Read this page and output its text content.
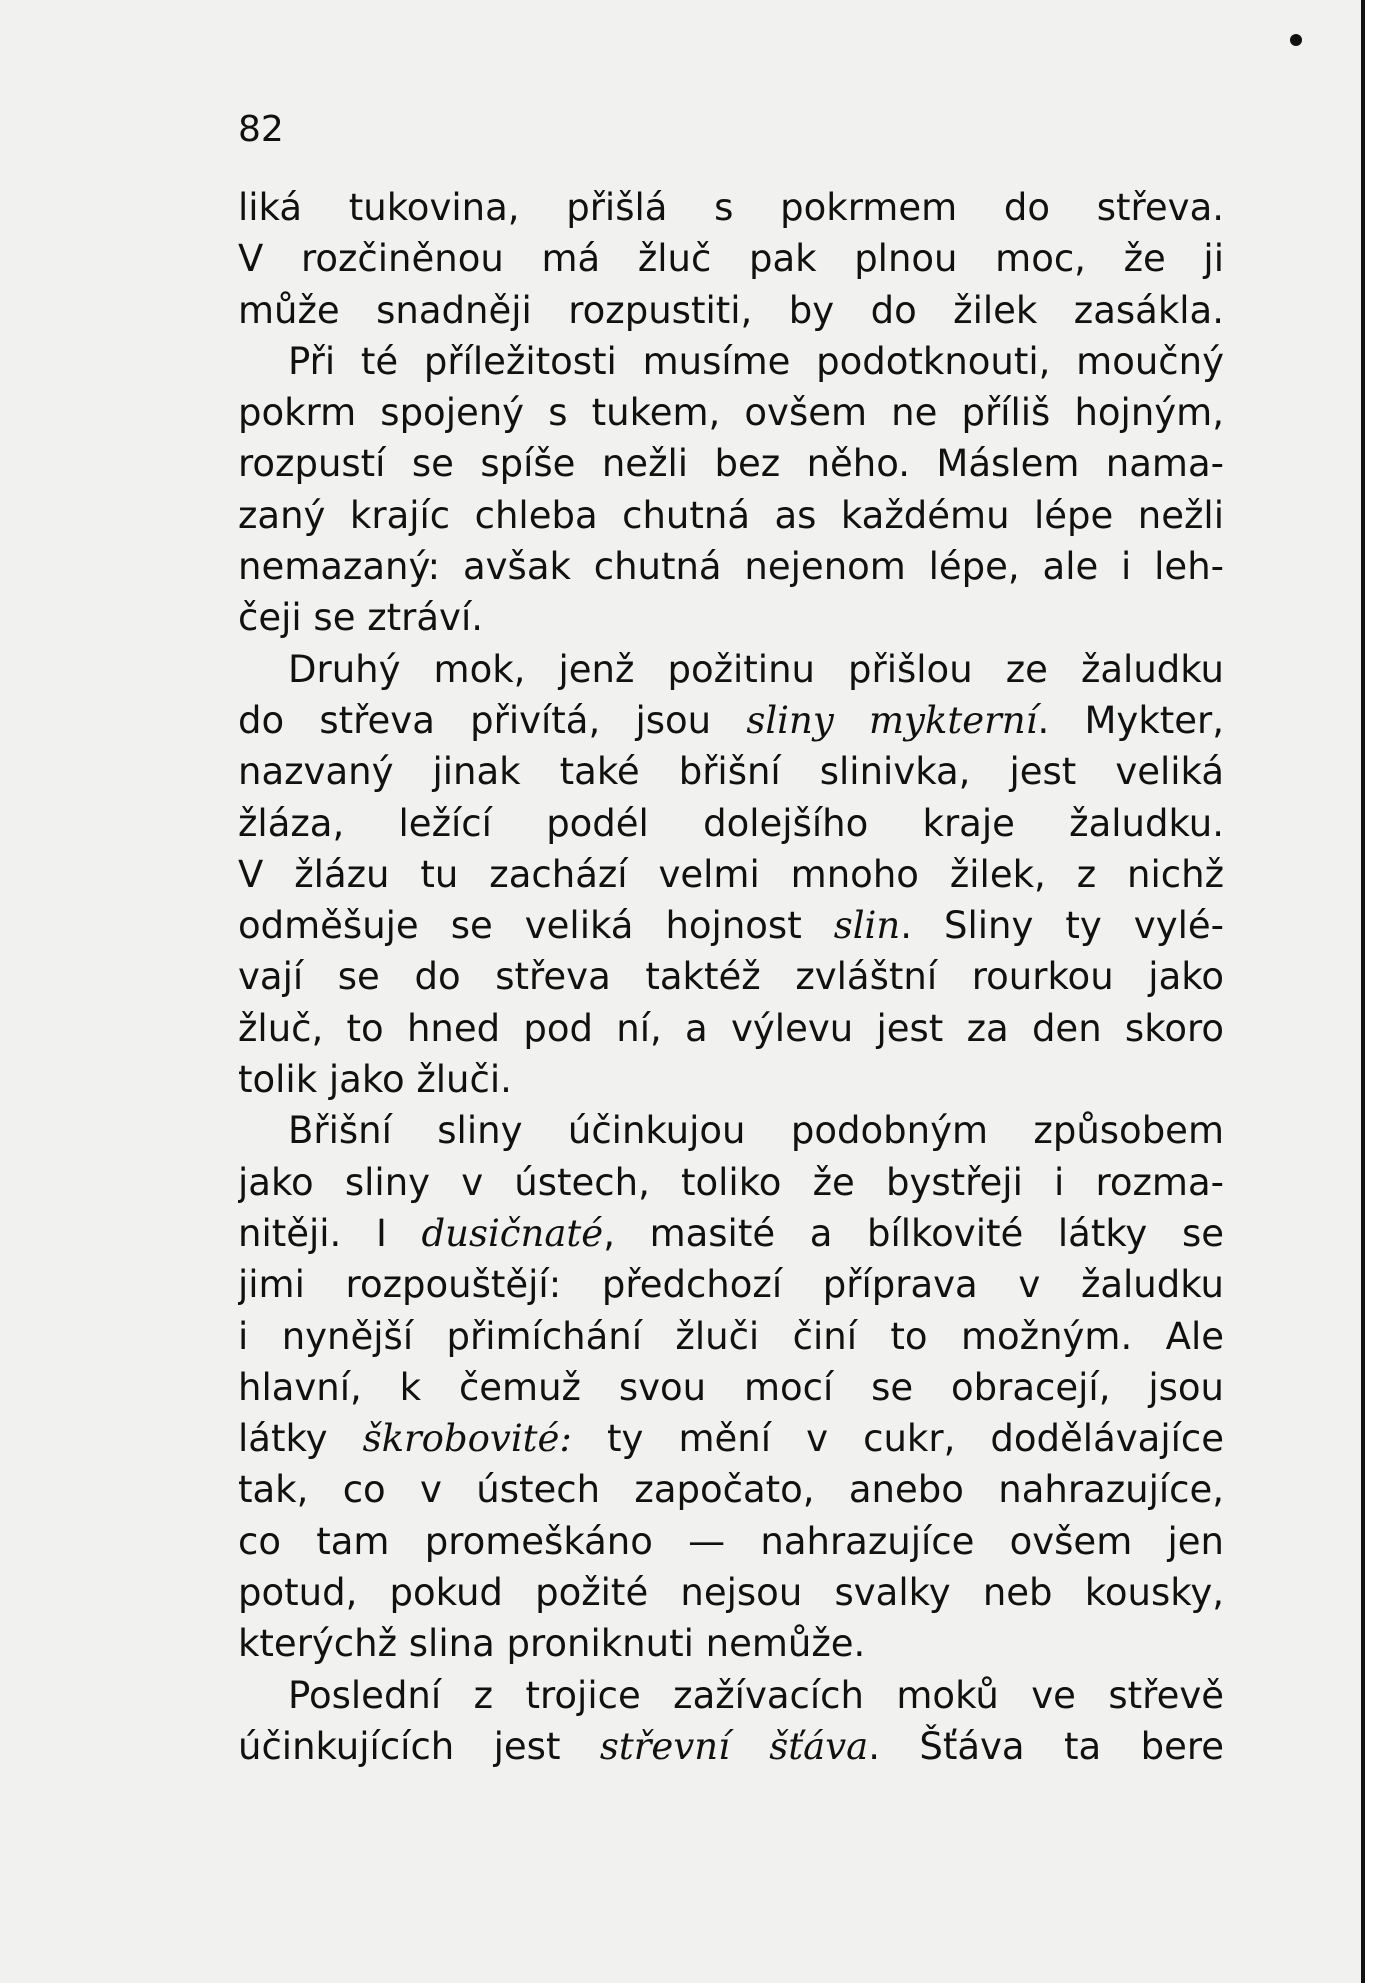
82
liká tukovina, přišlá s pokrmem do střeva.
V rozčiněnou má žluč pak plnou moc, že ji
může snadněji rozpustiti, by do žilek zasákla.
Při té příležitosti musíme podotknouti, moučný
pokrm spojený s tukem, ovšem ne příliš hojným,
rozpustí se spíše nežli bez něho. Máslem nama-
zaný krajíc chleba chutná as každému lépe nežli
nemazaný: avšak chutná nejenom lépe, ale i leh-
čeji se ztráví.
Druhý mok, jenž požitinu přišlou ze žaludku
do střeva přivítá, jsou sliny mykterní. Mykter,
nazvaný jinak také břišní slinivka, jest veliká
žláza, ležící podél dolejšího kraje žaludku.
V žlázu tu zachází velmi mnoho žilek, z nichž
odměšuje se veliká hojnost slin. Sliny ty vylé-
vají se do střeva taktéž zvláštní rourkou jako
žluč, to hned pod ní, a výlevu jest za den skoro
tolik jako žluči.
Břišní sliny účinkujou podobným způsobem
jako sliny v ústech, toliko že bystřeji i rozma-
nitěji. I dusičnaté, masité a bílkovité látky se
jimi rozpouštějí: předchozí příprava v žaludku
i nynější přimíchání žluči činí to možným. Ale
hlavní, k čemuž svou mocí se obracejí, jsou
látky škrobovité: ty mění v cukr, dodělávajíce
tak, co v ústech započato, anebo nahrazujíce,
co tam promeškáno — nahrazujíce ovšem jen
potud, pokud požité nejsou svalky neb kousky,
kterýchž slina proniknuti nemůže.
Poslední z trojice zažívacích moků ve střevě
účinkujících jest střevní šťáva. Šťáva ta bere
